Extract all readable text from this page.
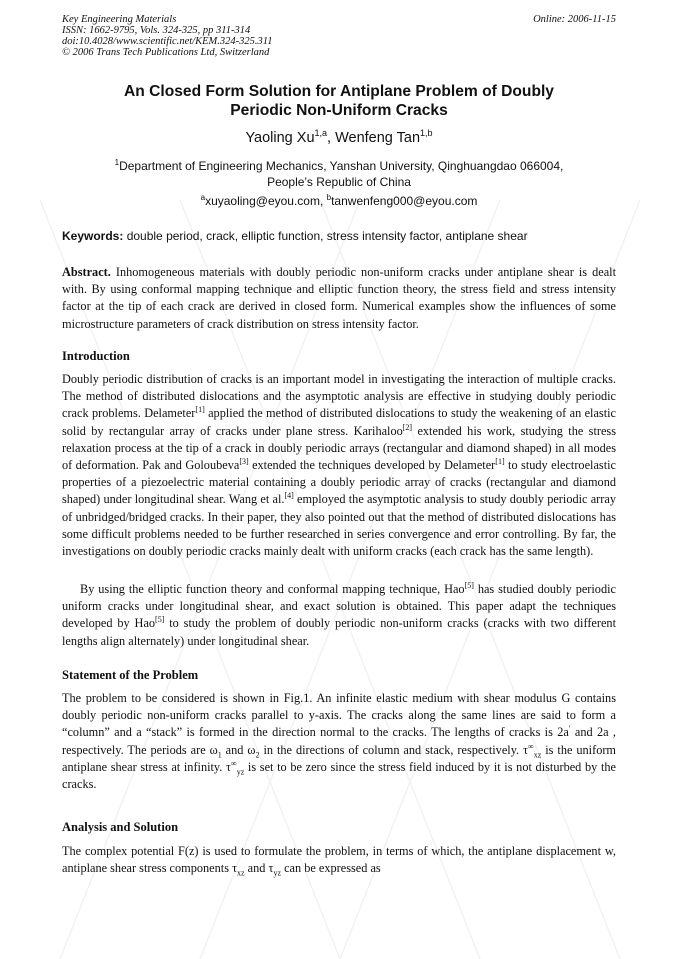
Key Engineering Materials
ISSN: 1662-9795, Vols. 324-325, pp 311-314
doi:10.4028/www.scientific.net/KEM.324-325.311
© 2006 Trans Tech Publications Ltd, Switzerland
Online: 2006-11-15
An Closed Form Solution for Antiplane Problem of Doubly
Periodic Non-Uniform Cracks
Yaoling Xu$^{1,a}$, Wenfeng Tan$^{1,b}$
$^1$Department of Engineering Mechanics, Yanshan University, Qinghuangdao 066004,
People’s Republic of China
$^a$xuyaoling@eyou.com, $^b$tanwenfeng000@eyou.com
Keywords: double period, crack, elliptic function, stress intensity factor, antiplane shear
Abstract. Inhomogeneous materials with doubly periodic non-uniform cracks under antiplane shear is dealt with. By using conformal mapping technique and elliptic function theory, the stress field and stress intensity factor at the tip of each crack are derived in closed form. Numerical examples show the influences of some microstructure parameters of crack distribution on stress intensity factor.
Introduction
Doubly periodic distribution of cracks is an important model in investigating the interaction of multiple cracks. The method of distributed dislocations and the asymptotic analysis are effective in studying doubly periodic crack problems. Delameter[1] applied the method of distributed dislocations to study the weakening of an elastic solid by rectangular array of cracks under plane stress. Karihaloo[2] extended his work, studying the stress relaxation process at the tip of a crack in doubly periodic arrays (rectangular and diamond shaped) in all modes of deformation. Pak and Goloubeva[3] extended the techniques developed by Delameter[1] to study electroelastic properties of a piezoelectric material containing a doubly periodic array of cracks (rectangular and diamond shaped) under longitudinal shear. Wang et al.[4] employed the asymptotic analysis to study doubly periodic array of unbridged/bridged cracks. In their paper, they also pointed out that the method of distributed dislocations has some difficult problems needed to be further researched in series convergence and error controlling. By far, the investigations on doubly periodic cracks mainly dealt with uniform cracks (each crack has the same length).
By using the elliptic function theory and conformal mapping technique, Hao[5] has studied doubly periodic uniform cracks under longitudinal shear, and exact solution is obtained. This paper adapt the techniques developed by Hao[5] to study the problem of doubly periodic non-uniform cracks (cracks with two different lengths align alternately) under longitudinal shear.
Statement of the Problem
The problem to be considered is shown in Fig.1. An infinite elastic medium with shear modulus G contains doubly periodic non-uniform cracks parallel to y-axis. The cracks along the same lines are said to form a “column” and a “stack” is formed in the direction normal to the cracks. The lengths of cracks is 2a′ and 2a , respectively. The periods are $\omega_1$ and $\omega_2$ in the directions of column and stack, respectively. $\tau^\infty_{xz}$ is the uniform antiplane shear stress at infinity. $\tau^\infty_{yz}$ is set to be zero since the stress field induced by it is not disturbed by the cracks.
Analysis and Solution
The complex potential F(z) is used to formulate the problem, in terms of which, the antiplane displacement w, antiplane shear stress components $\tau_{xz}$ and $\tau_{yz}$ can be expressed as
